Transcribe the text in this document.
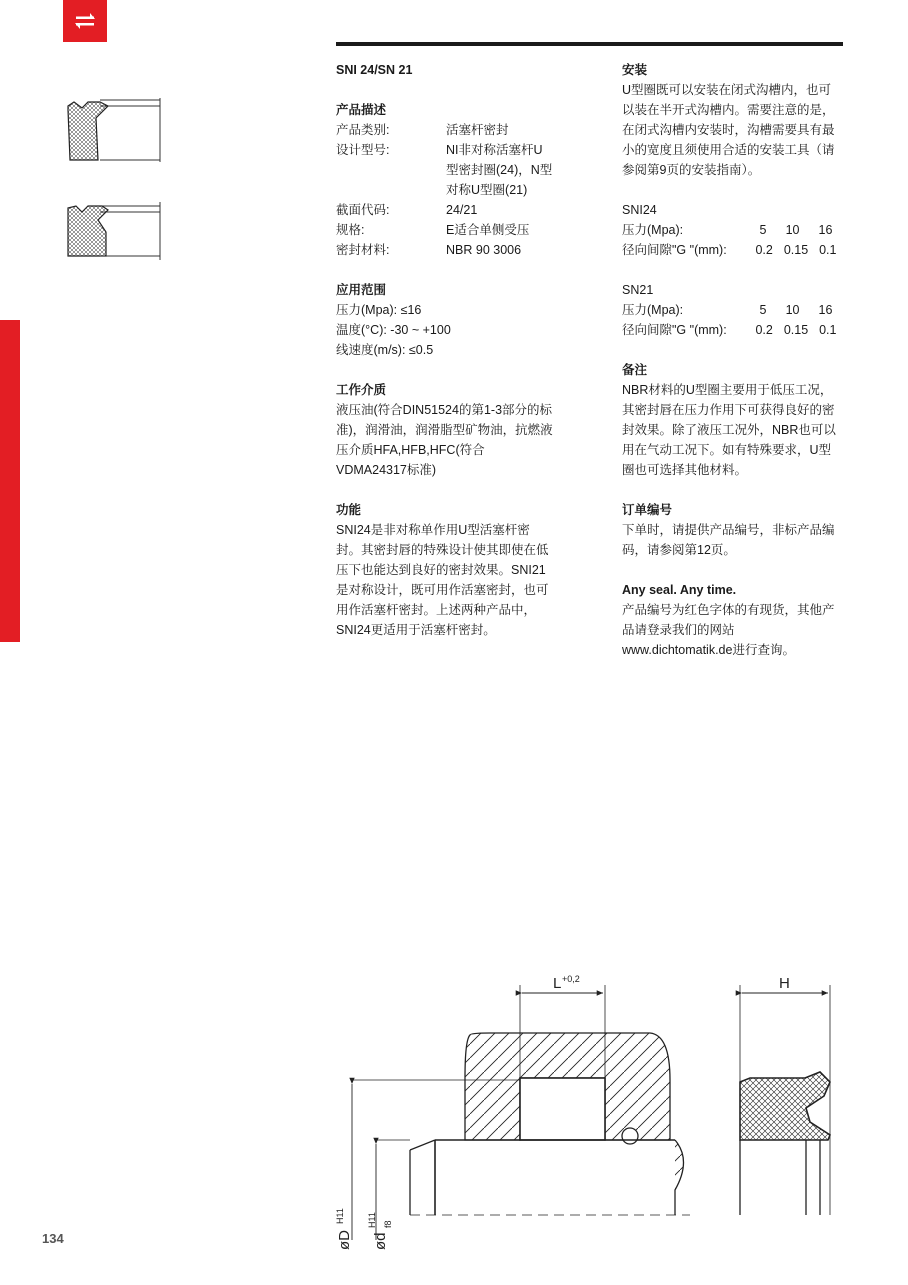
SNI 24/SN 21

产品描述

产品类别:	活塞杆密封
设计型号:	NI非对称活塞杆U型密封圈(24)，N型对称U型圈(21)
截面代码:	24/21
规格:	E适合单侧受压
密封材料:	NBR 90 3006

应用范围

压力(Mpa): ≤16

温度(°C): -30 ~ +100

线速度(m/s): ≤0.5

工作介质

液压油(符合DIN51524的第1-3部分的标准)，润滑油，润滑脂型矿物油，抗燃液压介质HFA,HFB,HFC(符合VDMA24317标准)

功能

SNI24是非对称单作用U型活塞杆密封。其密封唇的特殊设计使其即使在低压下也能达到良好的密封效果。SNI21是对称设计，既可用作活塞密封，也可用作活塞杆密封。上述两种产品中，SNI24更适用于活塞杆密封。

安装

U型圈既可以安装在闭式沟槽内，也可以装在半开式沟槽内。需要注意的是，在闭式沟槽内安装时，沟槽需要具有最小的宽度且须使用合适的安装工具（请参阅第9页的安装指南）。

SNI24

压力(Mpa):	5 10 16
径向间隙"G "(mm):	0.2 0.15 0.1

SN21

压力(Mpa):	5 10 16
径向间隙"G "(mm):	0.2 0.15 0.1

备注

NBR材料的U型圈主要用于低压工况，其密封唇在压力作用下可获得良好的密封效果。除了液压工况外，NBR也可以用在气动工况下。如有特殊要求，U型圈也可选择其他材料。

订单编号

下单时，请提供产品编号，非标产品编码，请参阅第12页。

Any seal. Any time.

产品编号为红色字体的有现货，其他产品请登录我们的网站www.dichtomatik.de进行查询。

L +0,2	H
øD
H11
ød
H11 f8
134
